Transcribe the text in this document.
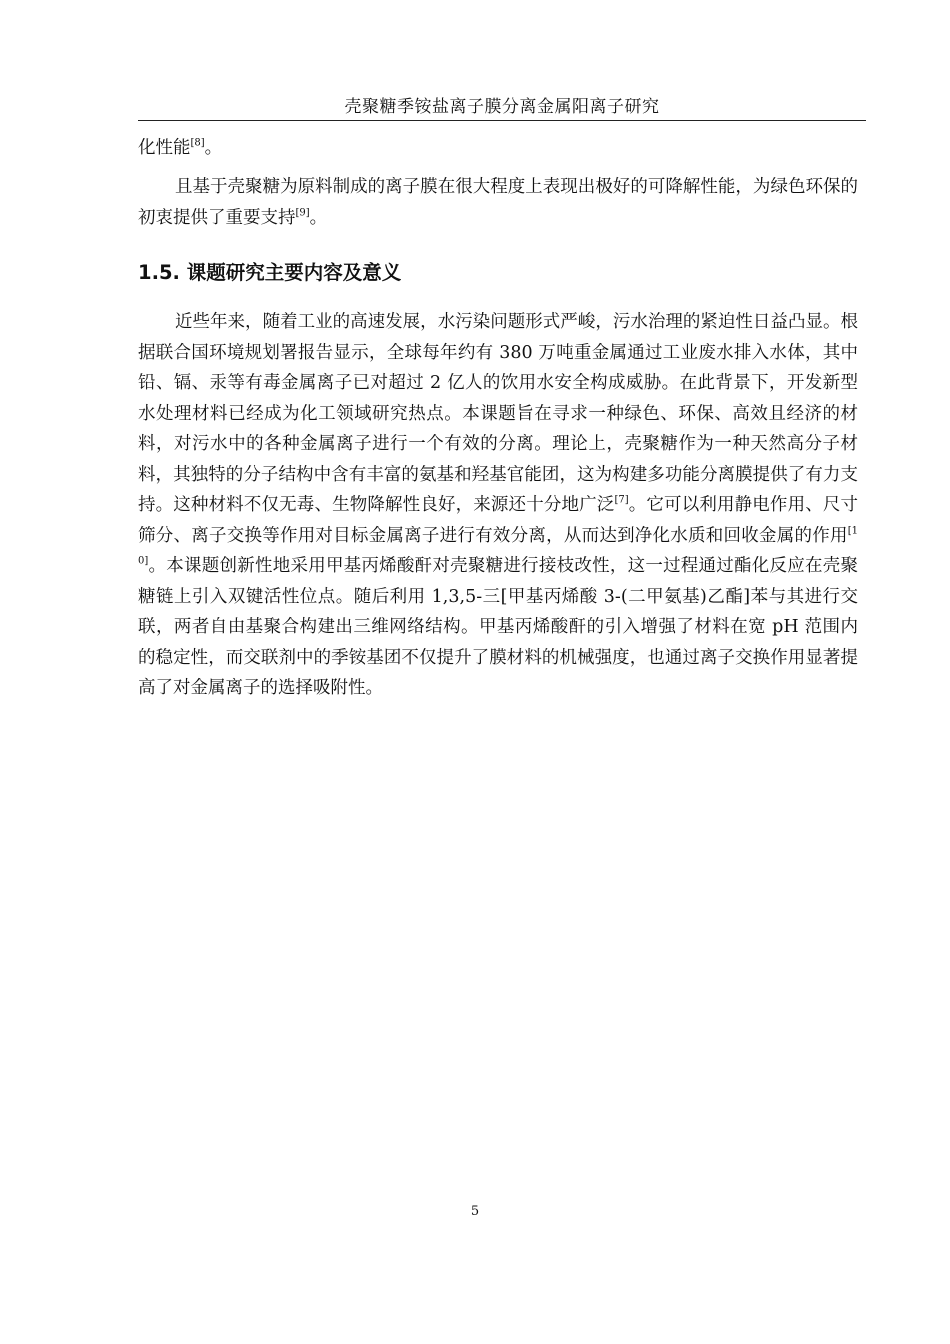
壳聚糖季铵盐离子膜分离金属阳离子研究

化性能[8]。

且基于壳聚糖为原料制成的离子膜在很大程度上表现出极好的可降解性能，为绿色环保的初衷提供了重要支持[9]。

1.5. 课题研究主要内容及意义

近些年来，随着工业的高速发展，水污染问题形式严峻，污水治理的紧迫性日益凸显。根据联合国环境规划署报告显示，全球每年约有 380 万吨重金属通过工业废水排入水体，其中铅、镉、汞等有毒金属离子已对超过 2 亿人的饮用水安全构成威胁。在此背景下，开发新型水处理材料已经成为化工领域研究热点。本课题旨在寻求一种绿色、环保、高效且经济的材料，对污水中的各种金属离子进行一个有效的分离。理论上，壳聚糖作为一种天然高分子材料，其独特的分子结构中含有丰富的氨基和羟基官能团，这为构建多功能分离膜提供了有力支持。这种材料不仅无毒、生物降解性良好，来源还十分地广泛[7]。它可以利用静电作用、尺寸筛分、离子交换等作用对目标金属离子进行有效分离，从而达到净化水质和回收金属的作用[10]。本课题创新性地采用甲基丙烯酸酐对壳聚糖进行接枝改性，这一过程通过酯化反应在壳聚糖链上引入双键活性位点。随后利用 1,3,5-三[甲基丙烯酸 3-(二甲氨基)乙酯]苯与其进行交联，两者自由基聚合构建出三维网络结构。甲基丙烯酸酐的引入增强了材料在宽 pH 范围内的稳定性，而交联剂中的季铵基团不仅提升了膜材料的机械强度，也通过离子交换作用显著提高了对金属离子的选择吸附性。

5
